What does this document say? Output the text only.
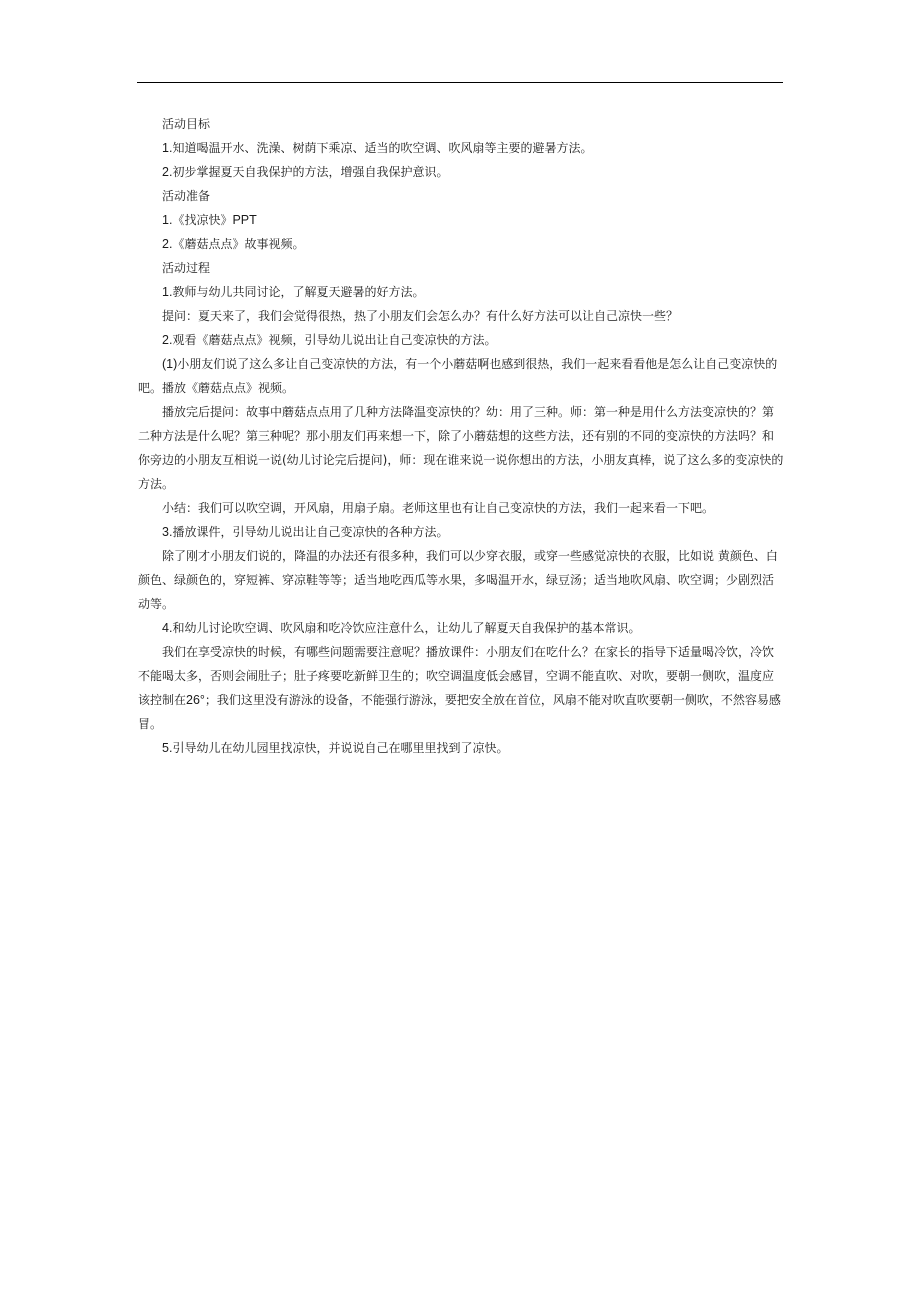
活动目标

1.知道喝温开水、洗澡、树荫下乘凉、适当的吹空调、吹风扇等主要的避暑方法。

2.初步掌握夏天自我保护的方法，增强自我保护意识。

活动准备

1.《找凉快》PPT

2.《蘑菇点点》故事视频。

活动过程

1.教师与幼儿共同讨论，了解夏天避暑的好方法。

提问：夏天来了，我们会觉得很热，热了小朋友们会怎么办？有什么好方法可以让自己凉快一些？

2.观看《蘑菇点点》视频，引导幼儿说出让自己变凉快的方法。

(1)小朋友们说了这么多让自己变凉快的方法，有一个小蘑菇啊也感到很热，我们一起来看看他是怎么让自己变凉快的吧。播放《蘑菇点点》视频。

播放完后提问：故事中蘑菇点点用了几种方法降温变凉快的？幼：用了三种。师：第一种是用什么方法变凉快的？第二种方法是什么呢？第三种呢？那小朋友们再来想一下，除了小蘑菇想的这些方法，还有别的不同的变凉快的方法吗？和你旁边的小朋友互相说一说(幼儿讨论完后提问)，师：现在谁来说一说你想出的方法，小朋友真棒，说了这么多的变凉快的方法。

小结：我们可以吹空调，开风扇，用扇子扇。老师这里也有让自己变凉快的方法，我们一起来看一下吧。

3.播放课件，引导幼儿说出让自己变凉快的各种方法。

除了刚才小朋友们说的，降温的办法还有很多种，我们可以少穿衣服，或穿一些感觉凉快的衣服，比如说 黄颜色、白颜色、绿颜色的，穿短裤、穿凉鞋等等；适当地吃西瓜等水果，多喝温开水，绿豆汤；适当地吹风扇、吹空调；少剧烈活动等。

4.和幼儿讨论吹空调、吹风扇和吃冷饮应注意什么，让幼儿了解夏天自我保护的基本常识。

我们在享受凉快的时候，有哪些问题需要注意呢？播放课件：小朋友们在吃什么？在家长的指导下适量喝冷饮，冷饮不能喝太多，否则会闹肚子；肚子疼要吃新鲜卫生的；吹空调温度低会感冒，空调不能直吹、对吹，要朝一侧吹，温度应该控制在26°；我们这里没有游泳的设备，不能强行游泳，要把安全放在首位，风扇不能对吹直吹要朝一侧吹，不然容易感冒。

5.引导幼儿在幼儿园里找凉快，并说说自己在哪里里找到了凉快。
